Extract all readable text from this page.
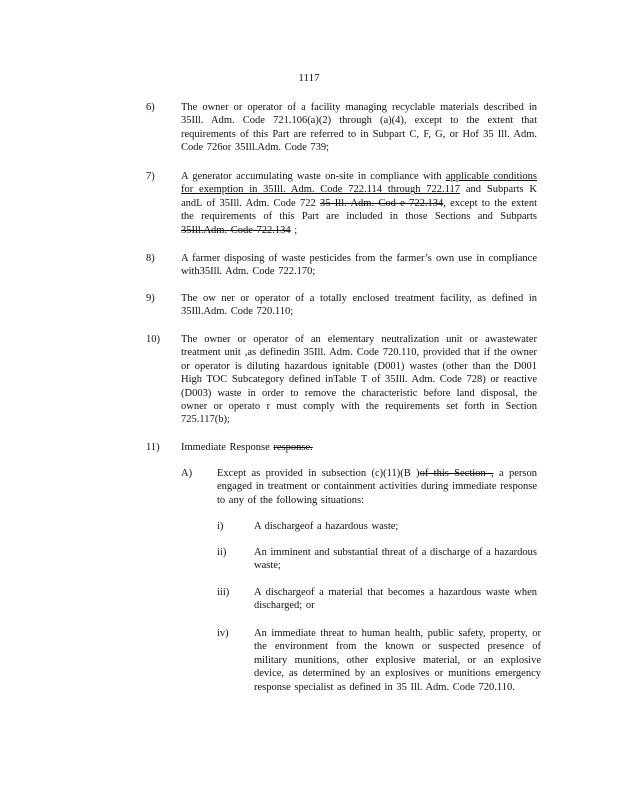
1117
6)	The owner or operator of a facility managing recyclable materials described in 35Ill. Adm. Code 721.106(a)(2) through (a)(4), except to the extent that requirements of this Part are referred to in Subpart C, F, G, or Hof 35 Ill. Adm. Code 726or 35Ill.Adm. Code 739;
7)	A generator accumulating waste on-site in compliance with applicable conditions for exemption in 35Ill. Adm. Code 722.114 through 722.117 and Subparts K andL of 35Ill. Adm. Code 722 35 Ill. Adm. Cod e 722.134, except to the extent the requirements of this Part are included in those Sections and Subparts 35Ill.Adm. Code 722.134 ;
8)	A farmer disposing of waste pesticides from the farmer’s own use in compliance with35Ill. Adm. Code 722.170;
9)	The ow ner or operator of a totally enclosed treatment facility, as defined in 35Ill.Adm. Code 720.110;
10)	The owner or operator of an elementary neutralization unit or awastewater treatment unit ,as definedin 35Ill. Adm. Code 720.110, provided that if the owner or operator is diluting hazardous ignitable (D001) wastes (other than the D001 High TOC Subcategory defined inTable T of 35Ill. Adm. Code 728) or reactive (D003) waste in order to remove the characteristic before land disposal, the owner or operato r must comply with the requirements set forth in Section 725.117(b);
11)	Immediate Response response.
A)	Except as provided in subsection (c)(11)(B )of this Section , a person engaged in treatment or containment activities during immediate response to any of the following situations:
i)	A dischargeof a hazardous waste;
ii)	An imminent and substantial threat of a discharge of a hazardous waste;
iii)	A dischargeof a material that becomes a hazardous waste when discharged; or
iv)	An immediate threat to human health, public safety, property, or the environment from the known or suspected presence of military munitions, other explosive material, or an explosive device, as determined by an explosives or munitions emergency response specialist as defined in 35 Ill. Adm. Code 720.110.
